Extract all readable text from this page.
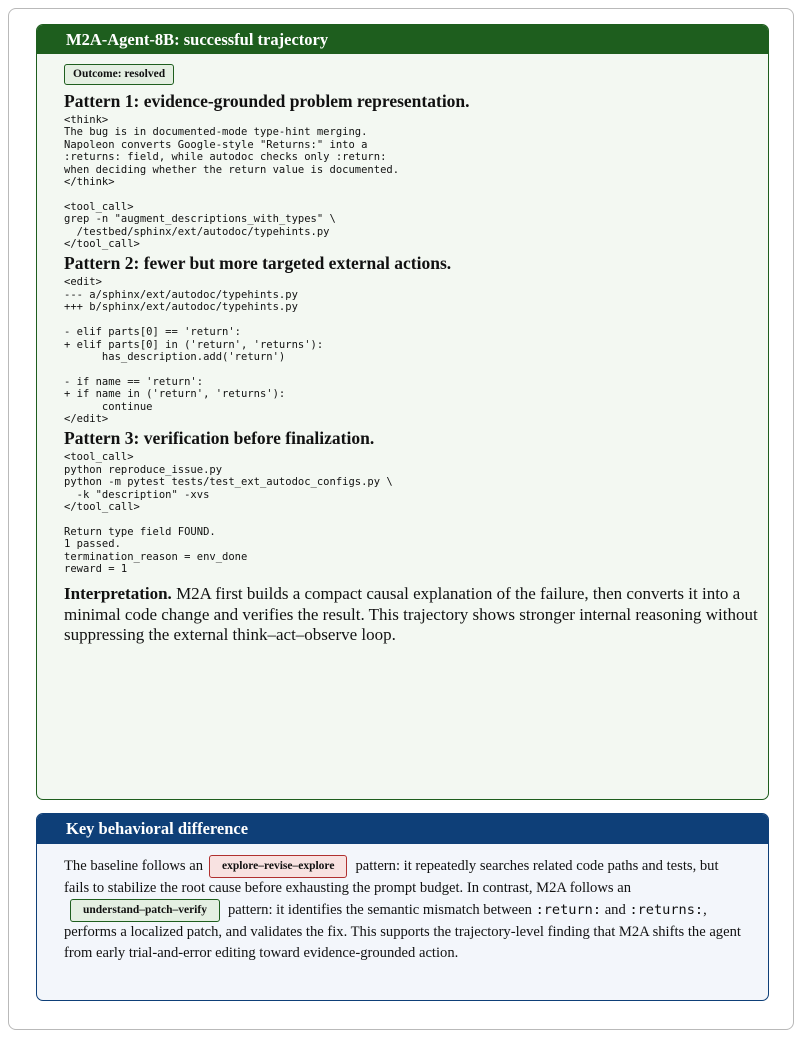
M2A-Agent-8B: successful trajectory
Outcome: resolved
Pattern 1: evidence-grounded problem representation.
<think>
The bug is in documented-mode type-hint merging.
Napoleon converts Google-style "Returns:" into a
:returns: field, while autodoc checks only :return:
when deciding whether the return value is documented.
</think>

<tool_call>
grep -n "augment_descriptions_with_types" \
/testbed/sphinx/ext/autodoc/typehints.py
</tool_call>
Pattern 2: fewer but more targeted external actions.
<edit>
--- a/sphinx/ext/autodoc/typehints.py
+++ b/sphinx/ext/autodoc/typehints.py

- elif parts[0] == 'return':
+ elif parts[0] in ('return', 'returns'):
has_description.add('return')

- if name == 'return':
+ if name in ('return', 'returns'):
continue
</edit>
Pattern 3: verification before finalization.
<tool_call>
python reproduce_issue.py
python -m pytest tests/test_ext_autodoc_configs.py \
-k "description" -xvs
</tool_call>

Return type field FOUND.
1 passed.
termination_reason = env_done
reward = 1
Interpretation. M2A first builds a compact causal explanation of the failure, then converts it into a minimal code change and verifies the result. This trajectory shows stronger internal reasoning without suppressing the external think–act–observe loop.
Key behavioral difference
The baseline follows an explore–revise–explore pattern: it repeatedly searches related code paths and tests, but fails to stabilize the root cause before exhausting the prompt budget. In contrast, M2A follows anunderstand–patch–verify pattern: it identifies the semantic mismatch between :return: and :returns:, performs a localized patch, and validates the fix. This supports the trajectory-level finding that M2A shifts the agent from early trial-and-error editing toward evidence-grounded action.
